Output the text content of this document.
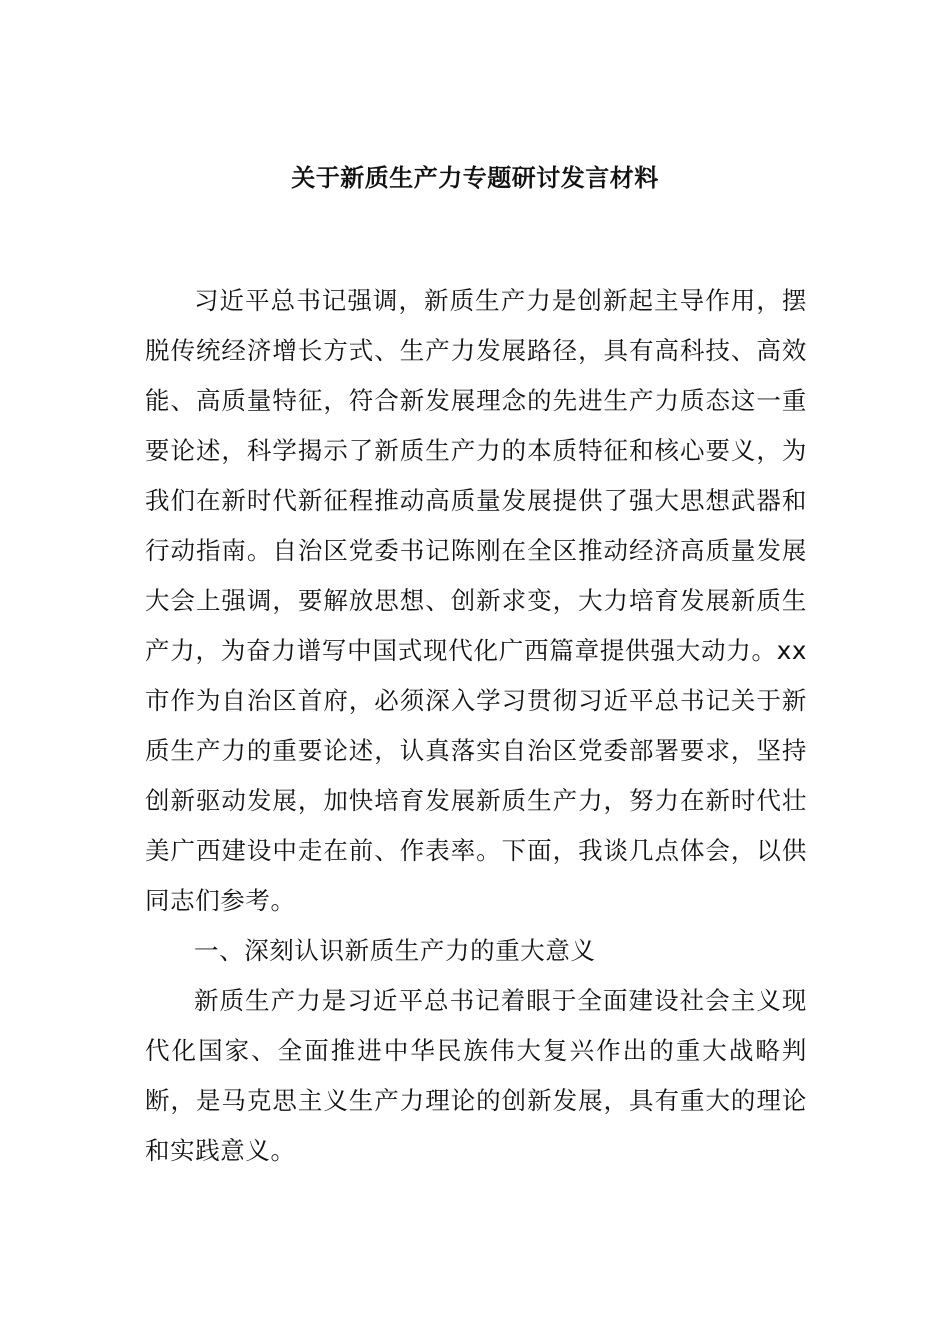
关于新质生产力专题研讨发言材料

习近平总书记强调，新质生产力是创新起主导作用，摆脱传统经济增长方式、生产力发展路径，具有高科技、高效能、高质量特征，符合新发展理念的先进生产力质态这一重要论述，科学揭示了新质生产力的本质特征和核心要义，为我们在新时代新征程推动高质量发展提供了强大思想武器和行动指南。自治区党委书记陈刚在全区推动经济高质量发展大会上强调，要解放思想、创新求变，大力培育发展新质生产力，为奋力谱写中国式现代化广西篇章提供强大动力。xx市作为自治区首府，必须深入学习贯彻习近平总书记关于新质生产力的重要论述，认真落实自治区党委部署要求，坚持创新驱动发展，加快培育发展新质生产力，努力在新时代壮美广西建设中走在前、作表率。下面，我谈几点体会，以供同志们参考。

一、深刻认识新质生产力的重大意义

新质生产力是习近平总书记着眼于全面建设社会主义现代化国家、全面推进中华民族伟大复兴作出的重大战略判断，是马克思主义生产力理论的创新发展，具有重大的理论和实践意义。
